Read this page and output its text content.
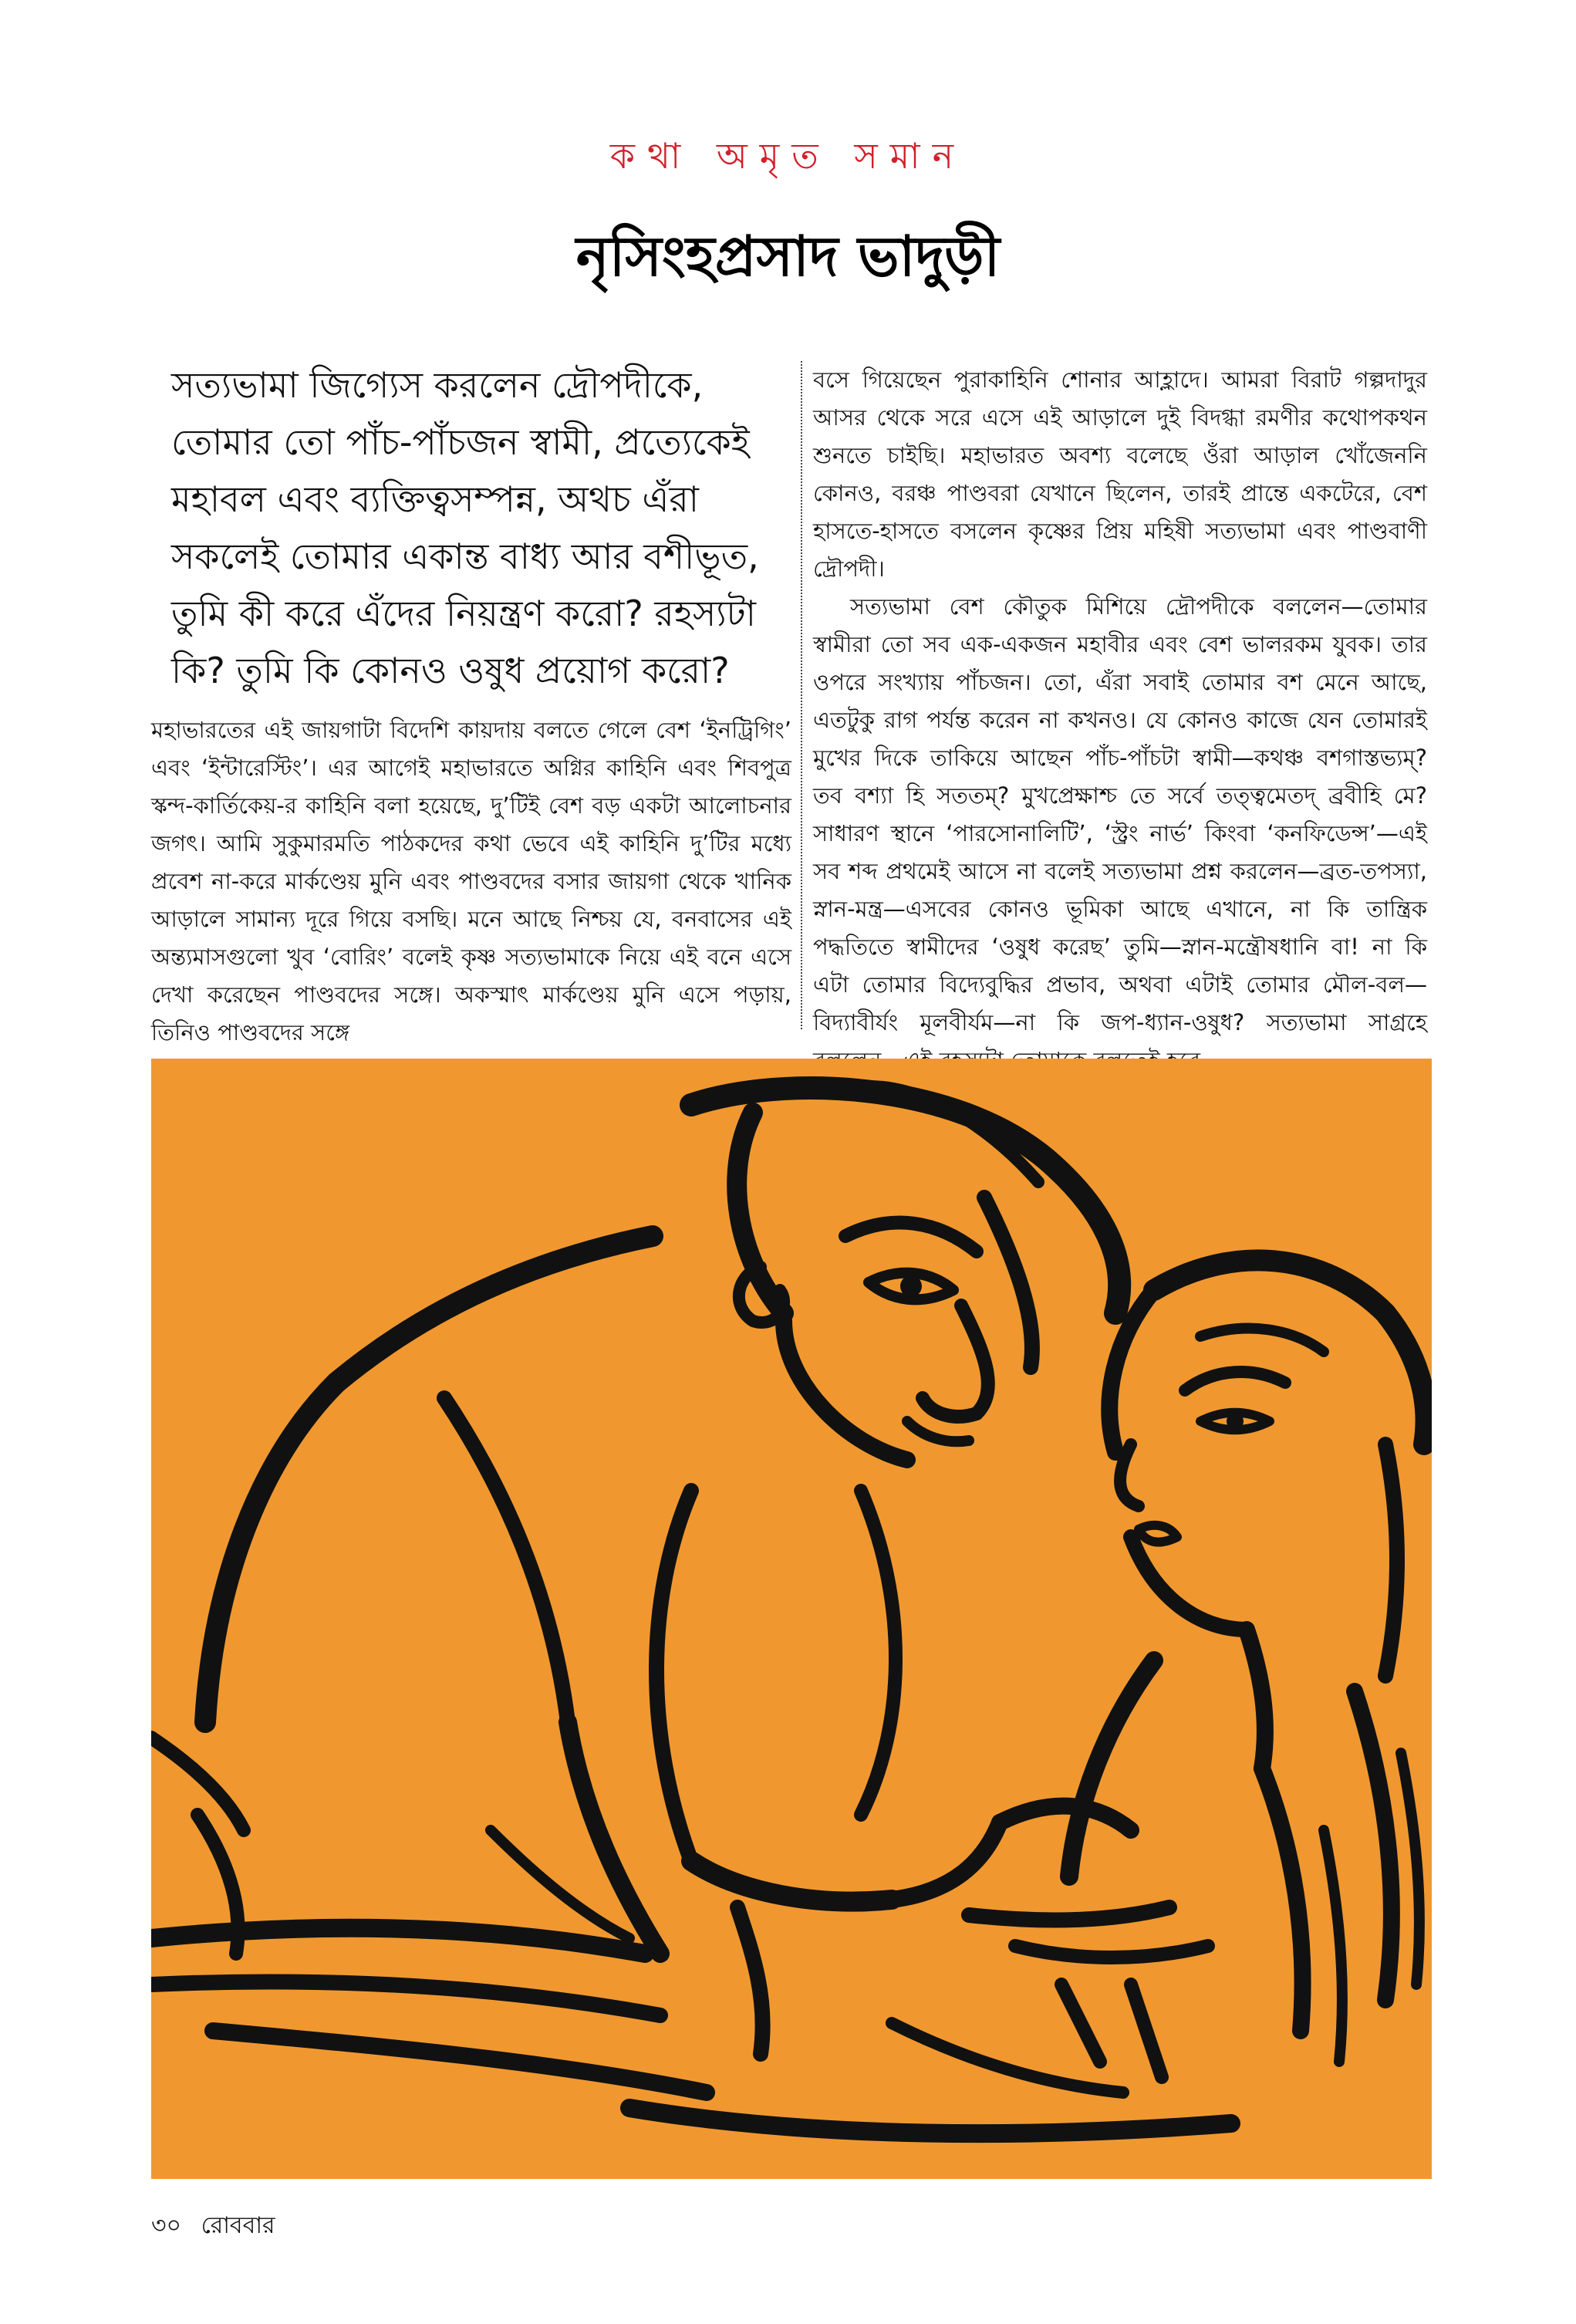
কথা অমৃত সমান
নৃসিংহপ্রসাদ ভাদুড়ী

সত্যভামা জিগ্যেস করলেন দ্রৌপদীকে, তোমার তো পাঁচ-পাঁচজন স্বামী, প্রত্যেকেই মহাবল এবং ব্যক্তিত্বসম্পন্ন, অথচ এঁরা সকলেই তোমার একান্ত বাধ্য আর বশীভূত, তুমি কী করে এঁদের নিয়ন্ত্রণ করো? রহস্যটা কি? তুমি কি কোনও ওষুধ প্রয়োগ করো?

মহাভারতের এই জায়গাটা বিদেশি কায়দায় বলতে গেলে বেশ ‘ইনট্রিগিং’ এবং ‘ইন্টারেস্টিং’। এর আগেই মহাভারতে অগ্নির কাহিনি এবং শিবপুত্র স্কন্দ-কার্তিকেয়-র কাহিনি বলা হয়েছে, দু’টিই বেশ বড় একটা আলোচনার জগৎ। আমি সুকুমারমতি পাঠকদের কথা ভেবে এই কাহিনি দু’টির মধ্যে প্রবেশ না-করে মার্কণ্ডেয় মুনি এবং পাণ্ডবদের বসার জায়গা থেকে খানিক আড়ালে সামান্য দূরে গিয়ে বসছি। মনে আছে নিশ্চয় যে, বনবাসের এই অন্ত্যমাসগুলো খুব ‘বোরিং’ বলেই কৃষ্ণ সত্যভামাকে নিয়ে এই বনে এসে দেখা করেছেন পাণ্ডবদের সঙ্গে। অকস্মাৎ মার্কণ্ডেয় মুনি এসে পড়ায়, তিনিও পাণ্ডবদের সঙ্গে

বসে গিয়েছেন পুরাকাহিনি শোনার আহ্লাদে। আমরা বিরাট গল্পদাদুর আসর থেকে সরে এসে এই আড়ালে দুই বিদগ্ধা রমণীর কথোপকথন শুনতে চাইছি। মহাভারত অবশ্য বলেছে ওঁরা আড়াল খোঁজেননি কোনও, বরঞ্চ পাণ্ডবরা যেখানে ছিলেন, তারই প্রান্তে একটেরে, বেশ হাসতে-হাসতে বসলেন কৃষ্ণের প্রিয় মহিষী সত্যভামা এবং পাণ্ডবাণী দ্রৌপদী।

সত্যভামা বেশ কৌতুক মিশিয়ে দ্রৌপদীকে বললেন—তোমার স্বামীরা তো সব এক-একজন মহাবীর এবং বেশ ভালরকম যুবক। তার ওপরে সংখ্যায় পাঁচজন। তো, এঁরা সবাই তোমার বশ মেনে আছে, এতটুকু রাগ পর্যন্ত করেন না কখনও। যে কোনও কাজে যেন তোমারই মুখের দিকে তাকিয়ে আছেন পাঁচ-পাঁচটা স্বামী—কথঞ্চ বশগাস্তভ্যম্? তব বশ্যা হি সততম্? মুখপ্রেক্ষাশ্চ তে সর্বে তত্ত্বমেতদ্ ব্রবীহি মে? সাধারণ স্থানে ‘পারসোনালিটি’, ‘স্ট্রং নার্ভ’ কিংবা ‘কনফিডেন্স’—এই সব শব্দ প্রথমেই আসে না বলেই সত্যভামা প্রশ্ন করলেন—ব্রত-তপস্যা, স্নান-মন্ত্র—এসবের কোনও ভূমিকা আছে এখানে, না কি তান্ত্রিক পদ্ধতিতে স্বামীদের ‘ওষুধ করেছ’ তুমি—স্নান-মন্ত্রৌষধানি বা! না কি এটা তোমার বিদ্যেবুদ্ধির প্রভাব, অথবা এটাই তোমার মৌল-বল—বিদ্যাবীর্যং মূলবীর্যম—না কি জপ-ধ্যান-ওষুধ? সত্যভামা সাগ্রহে

৩০ রোববার
